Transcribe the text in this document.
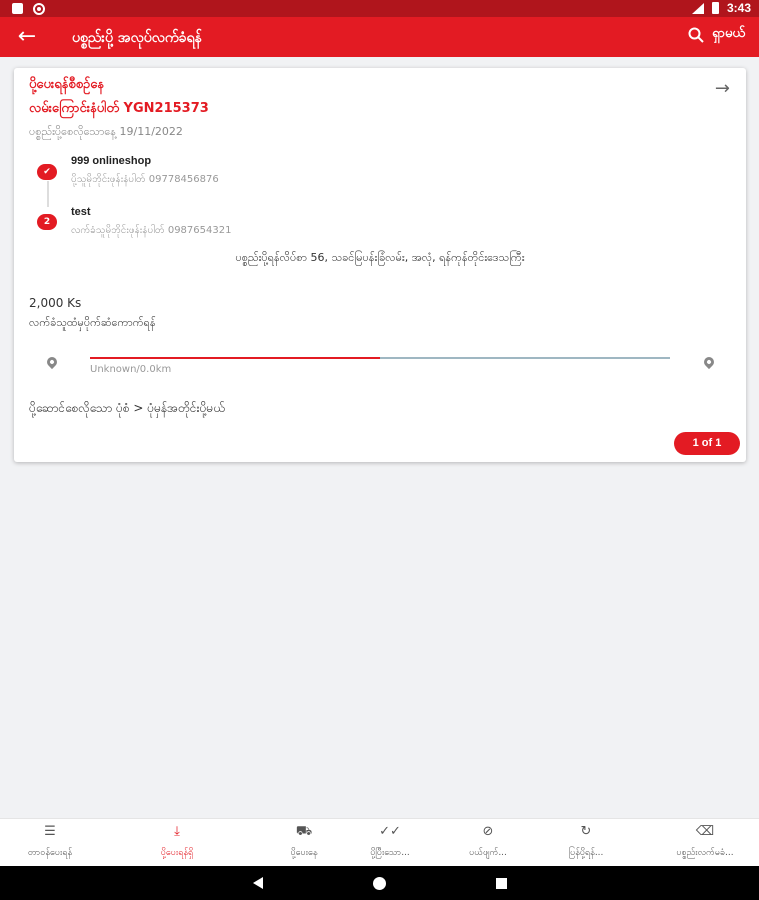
3:43
←	ပစ္စည်းပို့ အလုပ်လက်ခံရန်	ရှာမယ်
ပို့ပေးရန်စီစဉ်နေ
လမ်းကြောင်းနံပါတ် YGN215373
→
ပစ္စည်းပို့စေလိုသောနေ့ 19/11/2022
✔
2
999 onlineshop
ပို့သူမိုဘိုင်းဖုန်းနံပါတ် 09778456876
test
လက်ခံသူမိုဘိုင်းဖုန်းနံပါတ် 0987654321
ပစ္စည်းပို့ရန်လိပ်စာ 56, သခင်မြပန်းခြံလမ်း, အလုံ, ရန်ကုန်တိုင်းဒေသကြီး
2,000 Ks
လက်ခံသူထံမှပိုက်ဆံကောက်ရန်
Unknown/0.0km
ပို့ဆောင်စေလိုသော ပုံစံ > ပုံမှန်အတိုင်းပို့မယ်
1 of 1
☰
တာဝန်ပေးရန်
⤓
ပို့ပေးရန်ရှိ
⛟
ပို့ပေးနေ
✓✓
ပို့ပြီးသော...
⊘
ပယ်ဖျက်...
↻
ပြန်ပို့ရန်...
⌫
ပစ္စည်းလက်မခံ...
